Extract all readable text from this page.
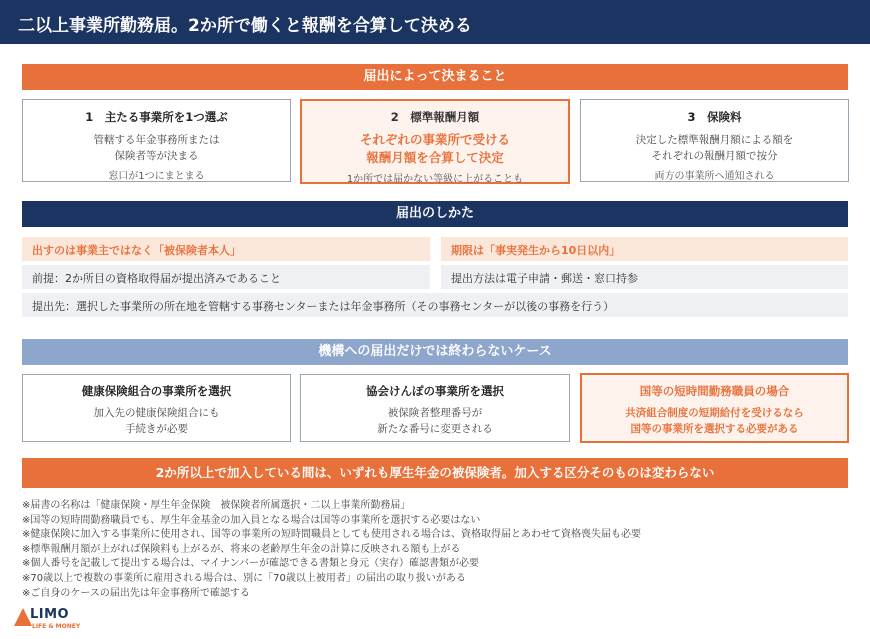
二以上事業所勤務届。2か所で働くと報酬を合算して決める
届出によって決まること
1　主たる事業所を1つ選ぶ
管轄する年金事務所または
保険者等が決まる
窓口が1つにまとまる
2　標準報酬月額
それぞれの事業所で受ける
報酬月額を合算して決定
1か所では届かない等級に上がることも
3　保険料
決定した標準報酬月額による額を
それぞれの報酬月額で按分
両方の事業所へ通知される
届出のしかた
出すのは事業主ではなく「被保険者本人」	期限は「事実発生から10日以内」
前提：2か所目の資格取得届が提出済みであること	提出方法は電子申請・郵送・窓口持参
提出先：選択した事業所の所在地を管轄する事務センターまたは年金事務所（その事務センターが以後の事務を行う）
機構への届出だけでは終わらないケース
健康保険組合の事業所を選択
加入先の健康保険組合にも
手続きが必要
協会けんぽの事業所を選択
被保険者整理番号が
新たな番号に変更される
国等の短時間勤務職員の場合
共済組合制度の短期給付を受けるなら
国等の事業所を選択する必要がある
2か所以上で加入している間は、いずれも厚生年金の被保険者。加入する区分そのものは変わらない
※届書の名称は「健康保険・厚生年金保険　被保険者所属選択・二以上事業所勤務届」
※国等の短時間勤務職員でも、厚生年金基金の加入員となる場合は国等の事業所を選択する必要はない
※健康保険に加入する事業所に使用され、国等の事業所の短時間職員としても使用される場合は、資格取得届とあわせて資格喪失届も必要
※標準報酬月額が上がれば保険料も上がるが、将来の老齢厚生年金の計算に反映される額も上がる
※個人番号を記載して提出する場合は、マイナンバーが確認できる書類と身元（実存）確認書類が必要
※70歳以上で複数の事業所に雇用される場合は、別に「70歳以上被用者」の届出の取り扱いがある
※ご自身のケースの届出先は年金事務所で確認する
LIMO
LIFE & MONEY
